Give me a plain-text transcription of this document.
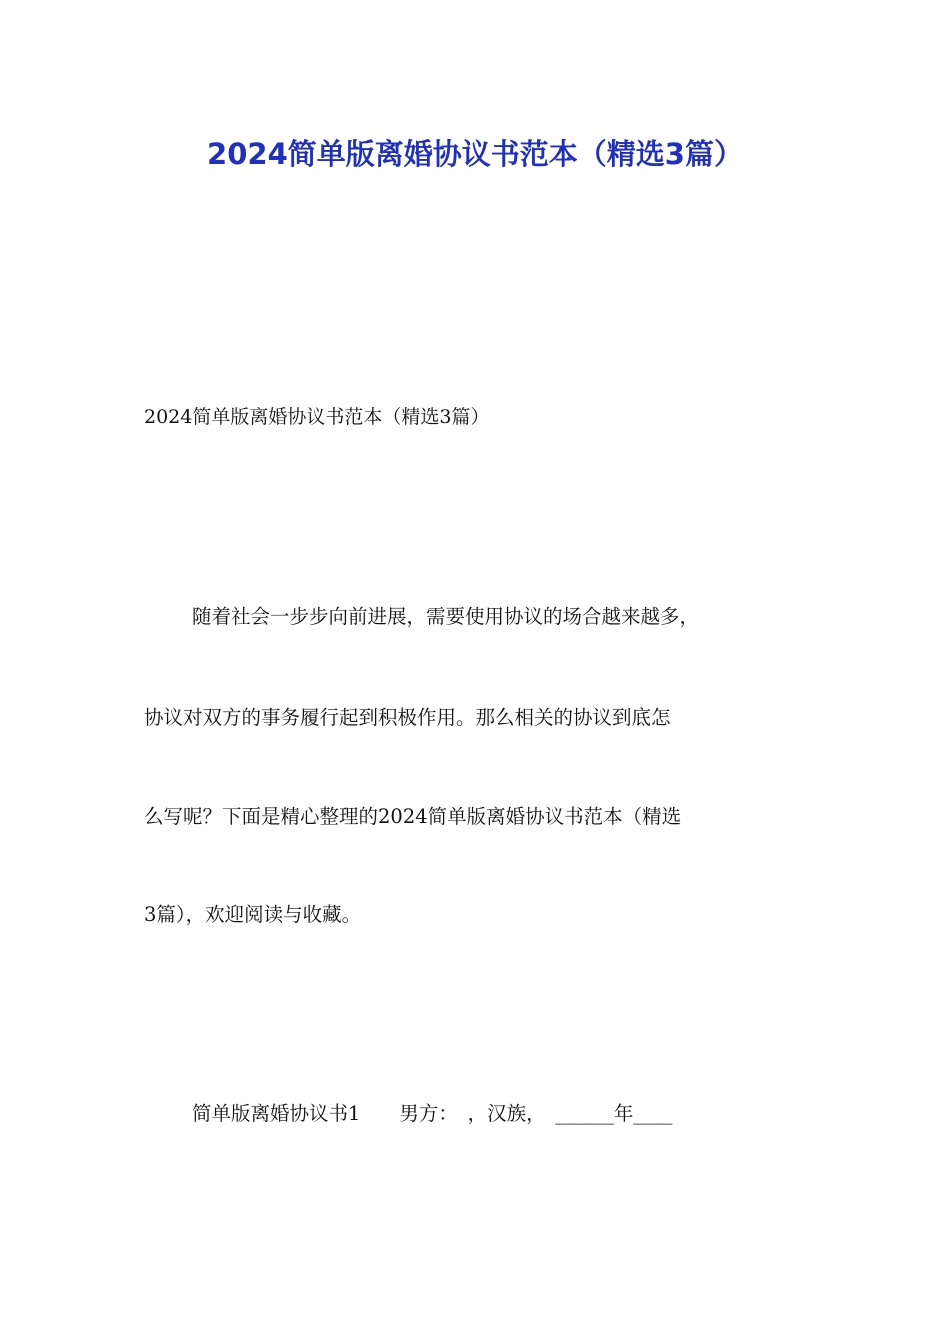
2024简单版离婚协议书范本（精选3篇）
2024简单版离婚协议书范本（精选3篇）
随着社会一步步向前进展，需要使用协议的场合越来越多，
协议对双方的事务履行起到积极作用。那么相关的协议到底怎
么写呢？下面是精心整理的2024简单版离婚协议书范本（精选
3篇），欢迎阅读与收藏。
简单版离婚协议书1　　男方：　，汉族，　______年____
